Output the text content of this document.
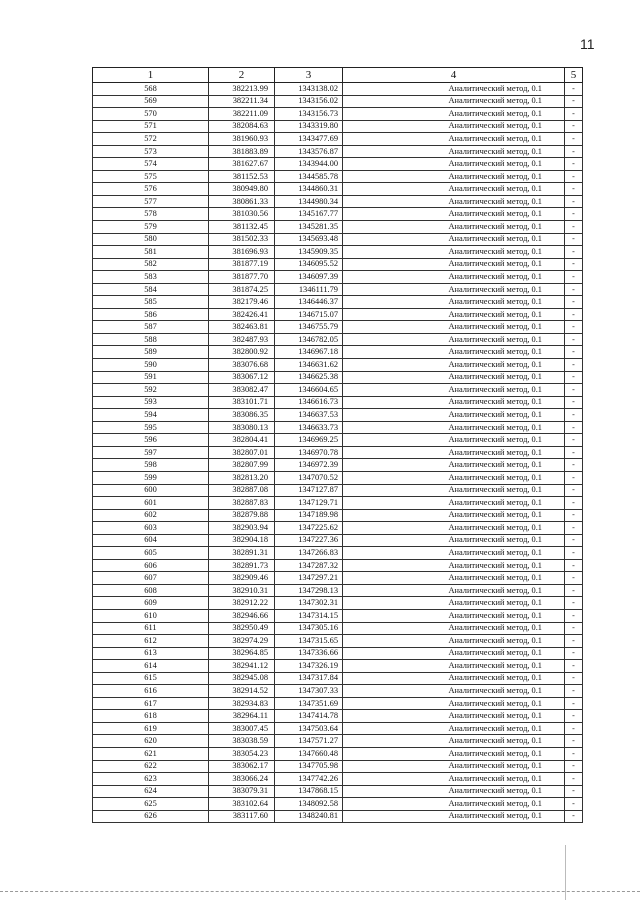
11
1	2	3	4	5
568	382213.99	1343138.02	Аналитический метод, 0.1	-
569	382211.34	1343156.02	Аналитический метод, 0.1	-
570	382211.09	1343156.73	Аналитический метод, 0.1	-
571	382084.63	1343319.80	Аналитический метод, 0.1	-
572	381960.93	1343477.69	Аналитический метод, 0.1	-
573	381883.89	1343576.87	Аналитический метод, 0.1	-
574	381627.67	1343944.00	Аналитический метод, 0.1	-
575	381152.53	1344585.78	Аналитический метод, 0.1	-
576	380949.80	1344860.31	Аналитический метод, 0.1	-
577	380861.33	1344980.34	Аналитический метод, 0.1	-
578	381030.56	1345167.77	Аналитический метод, 0.1	-
579	381132.45	1345281.35	Аналитический метод, 0.1	-
580	381502.33	1345693.48	Аналитический метод, 0.1	-
581	381696.93	1345909.35	Аналитический метод, 0.1	-
582	381877.19	1346095.52	Аналитический метод, 0.1	-
583	381877.70	1346097.39	Аналитический метод, 0.1	-
584	381874.25	1346111.79	Аналитический метод, 0.1	-
585	382179.46	1346446.37	Аналитический метод, 0.1	-
586	382426.41	1346715.07	Аналитический метод, 0.1	-
587	382463.81	1346755.79	Аналитический метод, 0.1	-
588	382487.93	1346782.05	Аналитический метод, 0.1	-
589	382800.92	1346967.18	Аналитический метод, 0.1	-
590	383076.68	1346631.62	Аналитический метод, 0.1	-
591	383067.12	1346625.38	Аналитический метод, 0.1	-
592	383082.47	1346604.65	Аналитический метод, 0.1	-
593	383101.71	1346616.73	Аналитический метод, 0.1	-
594	383086.35	1346637.53	Аналитический метод, 0.1	-
595	383080.13	1346633.73	Аналитический метод, 0.1	-
596	382804.41	1346969.25	Аналитический метод, 0.1	-
597	382807.01	1346970.78	Аналитический метод, 0.1	-
598	382807.99	1346972.39	Аналитический метод, 0.1	-
599	382813.20	1347070.52	Аналитический метод, 0.1	-
600	382887.08	1347127.87	Аналитический метод, 0.1	-
601	382887.83	1347129.71	Аналитический метод, 0.1	-
602	382879.88	1347189.98	Аналитический метод, 0.1	-
603	382903.94	1347225.62	Аналитический метод, 0.1	-
604	382904.18	1347227.36	Аналитический метод, 0.1	-
605	382891.31	1347266.83	Аналитический метод, 0.1	-
606	382891.73	1347287.32	Аналитический метод, 0.1	-
607	382909.46	1347297.21	Аналитический метод, 0.1	-
608	382910.31	1347298.13	Аналитический метод, 0.1	-
609	382912.22	1347302.31	Аналитический метод, 0.1	-
610	382946.66	1347314.15	Аналитический метод, 0.1	-
611	382950.49	1347305.16	Аналитический метод, 0.1	-
612	382974.29	1347315.65	Аналитический метод, 0.1	-
613	382964.85	1347336.66	Аналитический метод, 0.1	-
614	382941.12	1347326.19	Аналитический метод, 0.1	-
615	382945.08	1347317.84	Аналитический метод, 0.1	-
616	382914.52	1347307.33	Аналитический метод, 0.1	-
617	382934.83	1347351.69	Аналитический метод, 0.1	-
618	382964.11	1347414.78	Аналитический метод, 0.1	-
619	383007.45	1347503.64	Аналитический метод, 0.1	-
620	383038.59	1347571.27	Аналитический метод, 0.1	-
621	383054.23	1347660.48	Аналитический метод, 0.1	-
622	383062.17	1347705.98	Аналитический метод, 0.1	-
623	383066.24	1347742.26	Аналитический метод, 0.1	-
624	383079.31	1347868.15	Аналитический метод, 0.1	-
625	383102.64	1348092.58	Аналитический метод, 0.1	-
626	383117.60	1348240.81	Аналитический метод, 0.1	-
